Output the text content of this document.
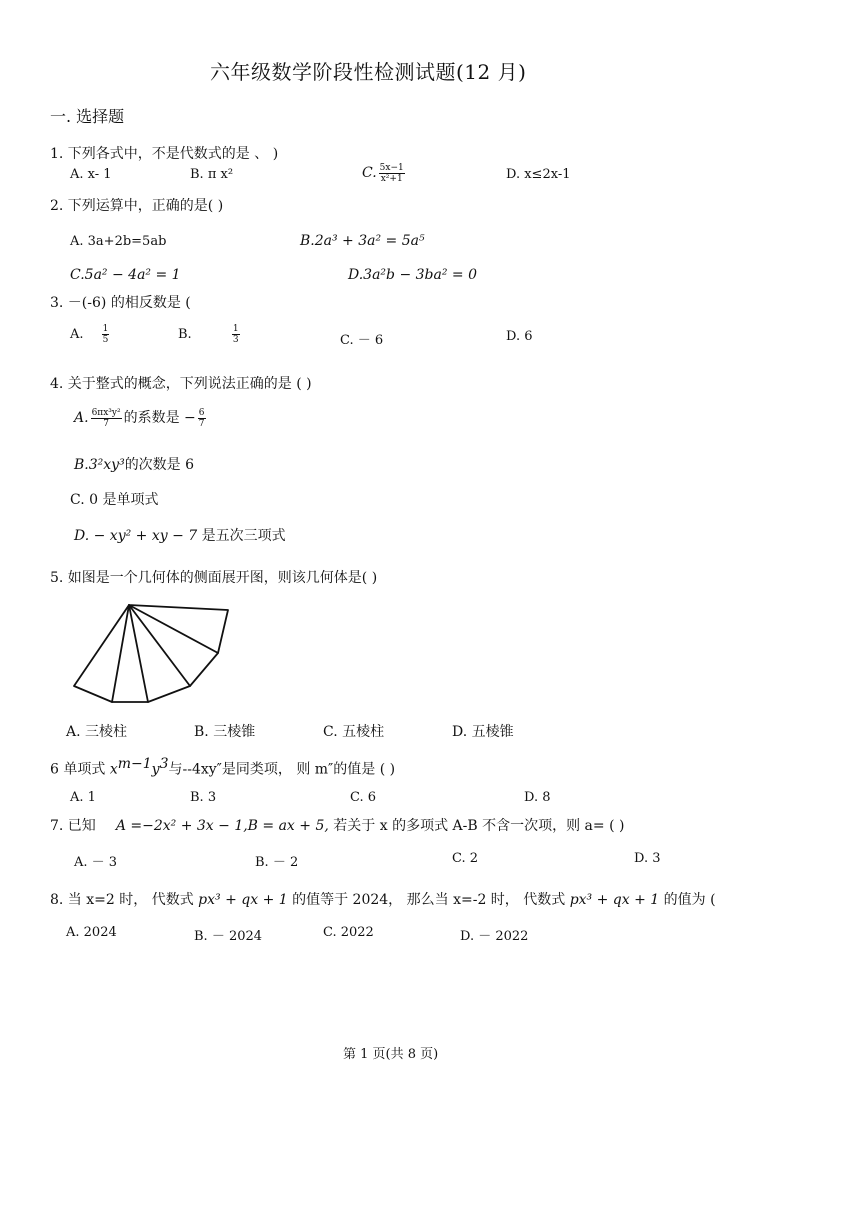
六年级数学阶段性检测试题(12 月)
一. 选择题
1. 下列各式中，不是代数式的是 、 )
A. x- 1	B. π x²	C. $\frac{5x-1}{\text{x²+1}}$	D. x≤2x-1
2. 下列运算中，正确的是( )
A. 3a+2b=5ab	B.2a³ + 3a² = 5a⁵
C.5a² − 4a² = 1	D.3a²b − 3ba² = 0
3. －(-6) 的相反数是 (
A. $\frac{1}{5}$	B.	$\frac{1}{3}$	C. － 6	D. 6
4. 关于整式的概念，下列说法正确的是 ( )
A. $\frac{\text{6πx³y²}}{7}$ 的系数是 − $\frac{6}{7}$
B.3²xy³的次数是 6
C. 0 是单项式
D. − xy² + xy − 7 是五次三项式
5. 如图是一个几何体的侧面展开图，则该几何体是( )
A. 三棱柱	B. 三棱锥	C. 五棱柱	D. 五棱锥
6 单项式 $x^{m-1}y^3$与--4xy″是同类项， 则 m″的值是 ( )
A. 1	B. 3	C. 6	D. 8
7. 已知 A =−2x² + 3x − 1,B = ax + 5, 若关于 x 的多项式 A-B 不含一次项，则 a= ( )
A. － 3	B. － 2	C. 2	D. 3
8. 当 x=2 时， 代数式 px³ + qx + 1 的值等于 2024， 那么当 x=-2 时， 代数式 px³ + qx + 1 的值为 (
A. 2024	B. － 2024	C. 2022	D. － 2022
第 1 页(共 8 页)
